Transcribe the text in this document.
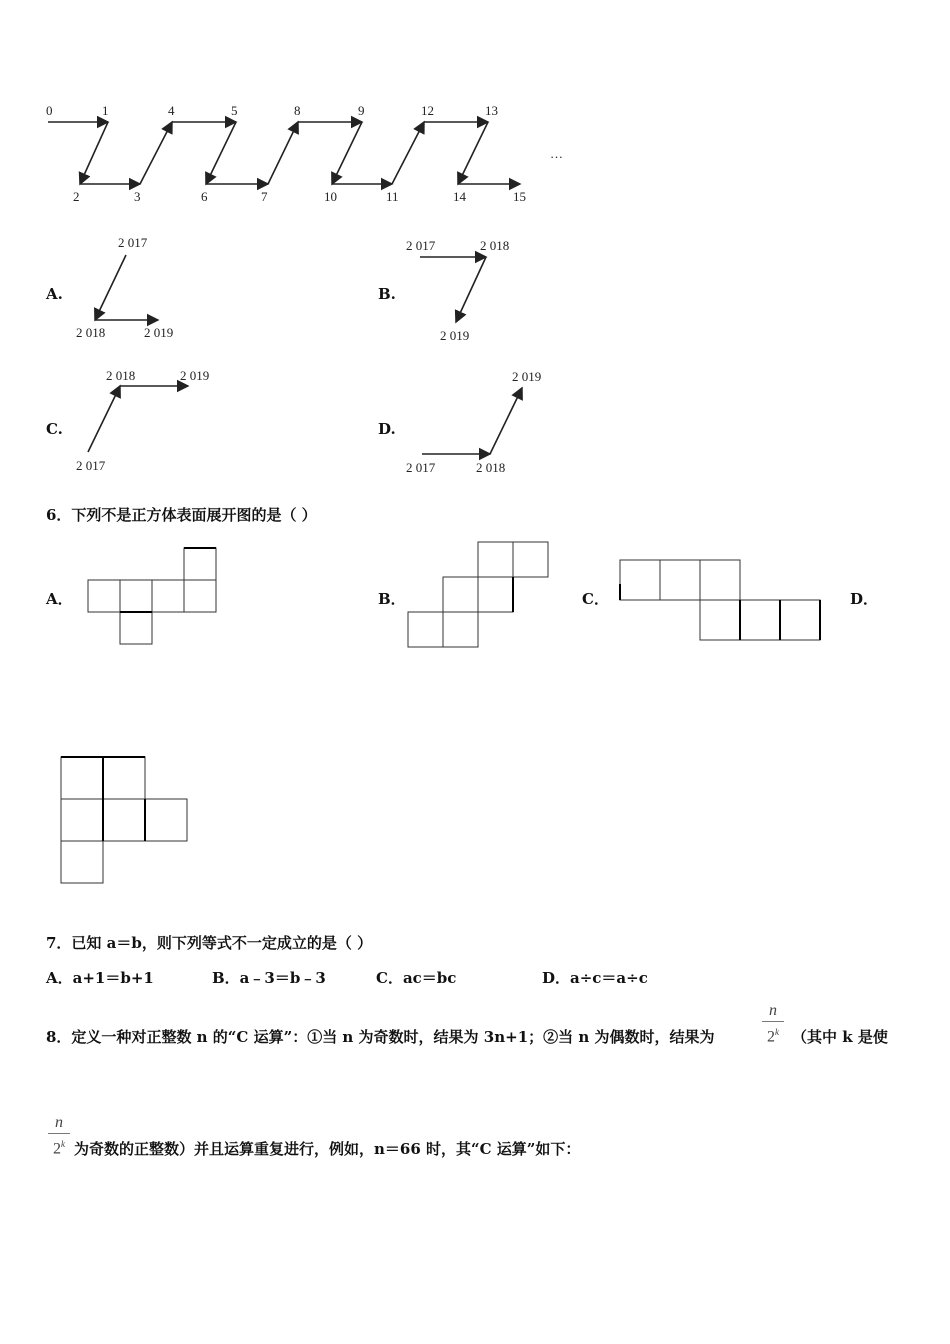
0	1
2	3
4	5
6	7
8	9
10	11
12	13
14	15
…
A.
2 017
2 018	2 019
B.
2 017	2 018
2 019
C.
2 018	2 019
2 017
D.
2 019
2 017	2 018
6．下列不是正方体表面展开图的是（ ）
A．	B．	C．	D．
7．已知 a＝b，则下列等式不一定成立的是（ ）
A．a+1＝b+1	B．a﹣3＝b﹣3	C．ac＝bc	D．a÷c＝a÷c
8．定义一种对正整数 n 的“C 运算”：①当 n 为奇数时，结果为 3n+1；②当 n 为偶数时，结果为
n
2$^k$ （其中 k 是使
n
2$^k$ 为奇数的正整数）并且运算重复进行，例如，n＝66 时，其“C 运算”如下：
